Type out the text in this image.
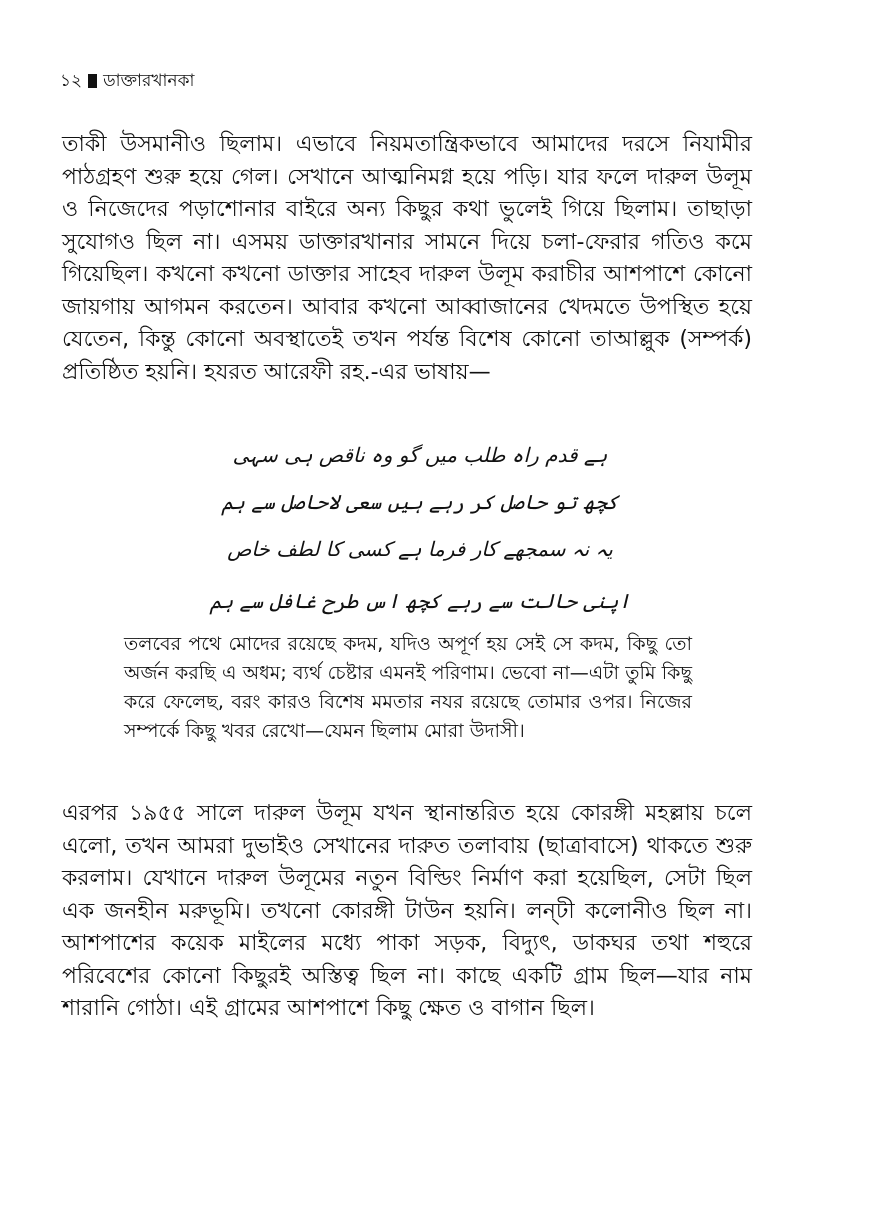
১২ ডাক্তারখানকা

তাকী উসমানীও ছিলাম। এভাবে নিয়মতান্ত্রিকভাবে আমাদের দরসে নিযামীর পাঠগ্রহণ শুরু হয়ে গেল। সেখানে আত্মনিমগ্ন হয়ে পড়ি। যার ফলে দারুল উলূম ও নিজেদের পড়াশোনার বাইরে অন্য কিছুর কথা ভুলেই গিয়ে ছিলাম। তাছাড়া সুযোগও ছিল না। এসময় ডাক্তারখানার সামনে দিয়ে চলা-ফেরার গতিও কমে গিয়েছিল। কখনো কখনো ডাক্তার সাহেব দারুল উলূম করাচীর আশপাশে কোনো জায়গায় আগমন করতেন। আবার কখনো আব্বাজানের খেদমতে উপস্থিত হয়ে যেতেন, কিন্তু কোনো অবস্থাতেই তখন পর্যন্ত বিশেষ কোনো তাআল্লুক (সম্পর্ক) প্রতিষ্ঠিত হয়নি। হযরত আরেফী রহ.-এর ভাষায়—

ہے قدم راہ طلب میں گو وہ ناقص ہی سہی

کچھ تو حاصل کر رہے ہیں سعی لاحاصل سے ہم

یہ نہ سمجھے کار فرما ہے کسی کا لطف خاص

اپنی حالت سے رہے کچھ اس طرح غافل سے ہم

তলবের পথে মোদের রয়েছে কদম, যদিও অপূর্ণ হয় সেই সে কদম, কিছু তো অর্জন করছি এ অধম; ব্যর্থ চেষ্টার এমনই পরিণাম। ভেবো না—এটা তুমি কিছু করে ফেলেছ, বরং কারও বিশেষ মমতার নযর রয়েছে তোমার ওপর। নিজের সম্পর্কে কিছু খবর রেখো—যেমন ছিলাম মোরা উদাসী।

এরপর ১৯৫৫ সালে দারুল উলূম যখন স্থানান্তরিত হয়ে কোরঙ্গী মহল্লায় চলে এলো, তখন আমরা দুভাইও সেখানের দারুত তলাবায় (ছাত্রাবাসে) থাকতে শুরু করলাম। যেখানে দারুল উলূমের নতুন বিল্ডিং নির্মাণ করা হয়েছিল, সেটা ছিল এক জনহীন মরুভূমি। তখনো কোরঙ্গী টাউন হয়নি। লন্ঢী কলোনীও ছিল না। আশপাশের কয়েক মাইলের মধ্যে পাকা সড়ক, বিদ্যুৎ, ডাকঘর তথা শহুরে পরিবেশের কোনো কিছুরই অস্তিত্ব ছিল না। কাছে একটি গ্রাম ছিল—যার নাম শারানি গোঠা। এই গ্রামের আশপাশে কিছু ক্ষেত ও বাগান ছিল।
